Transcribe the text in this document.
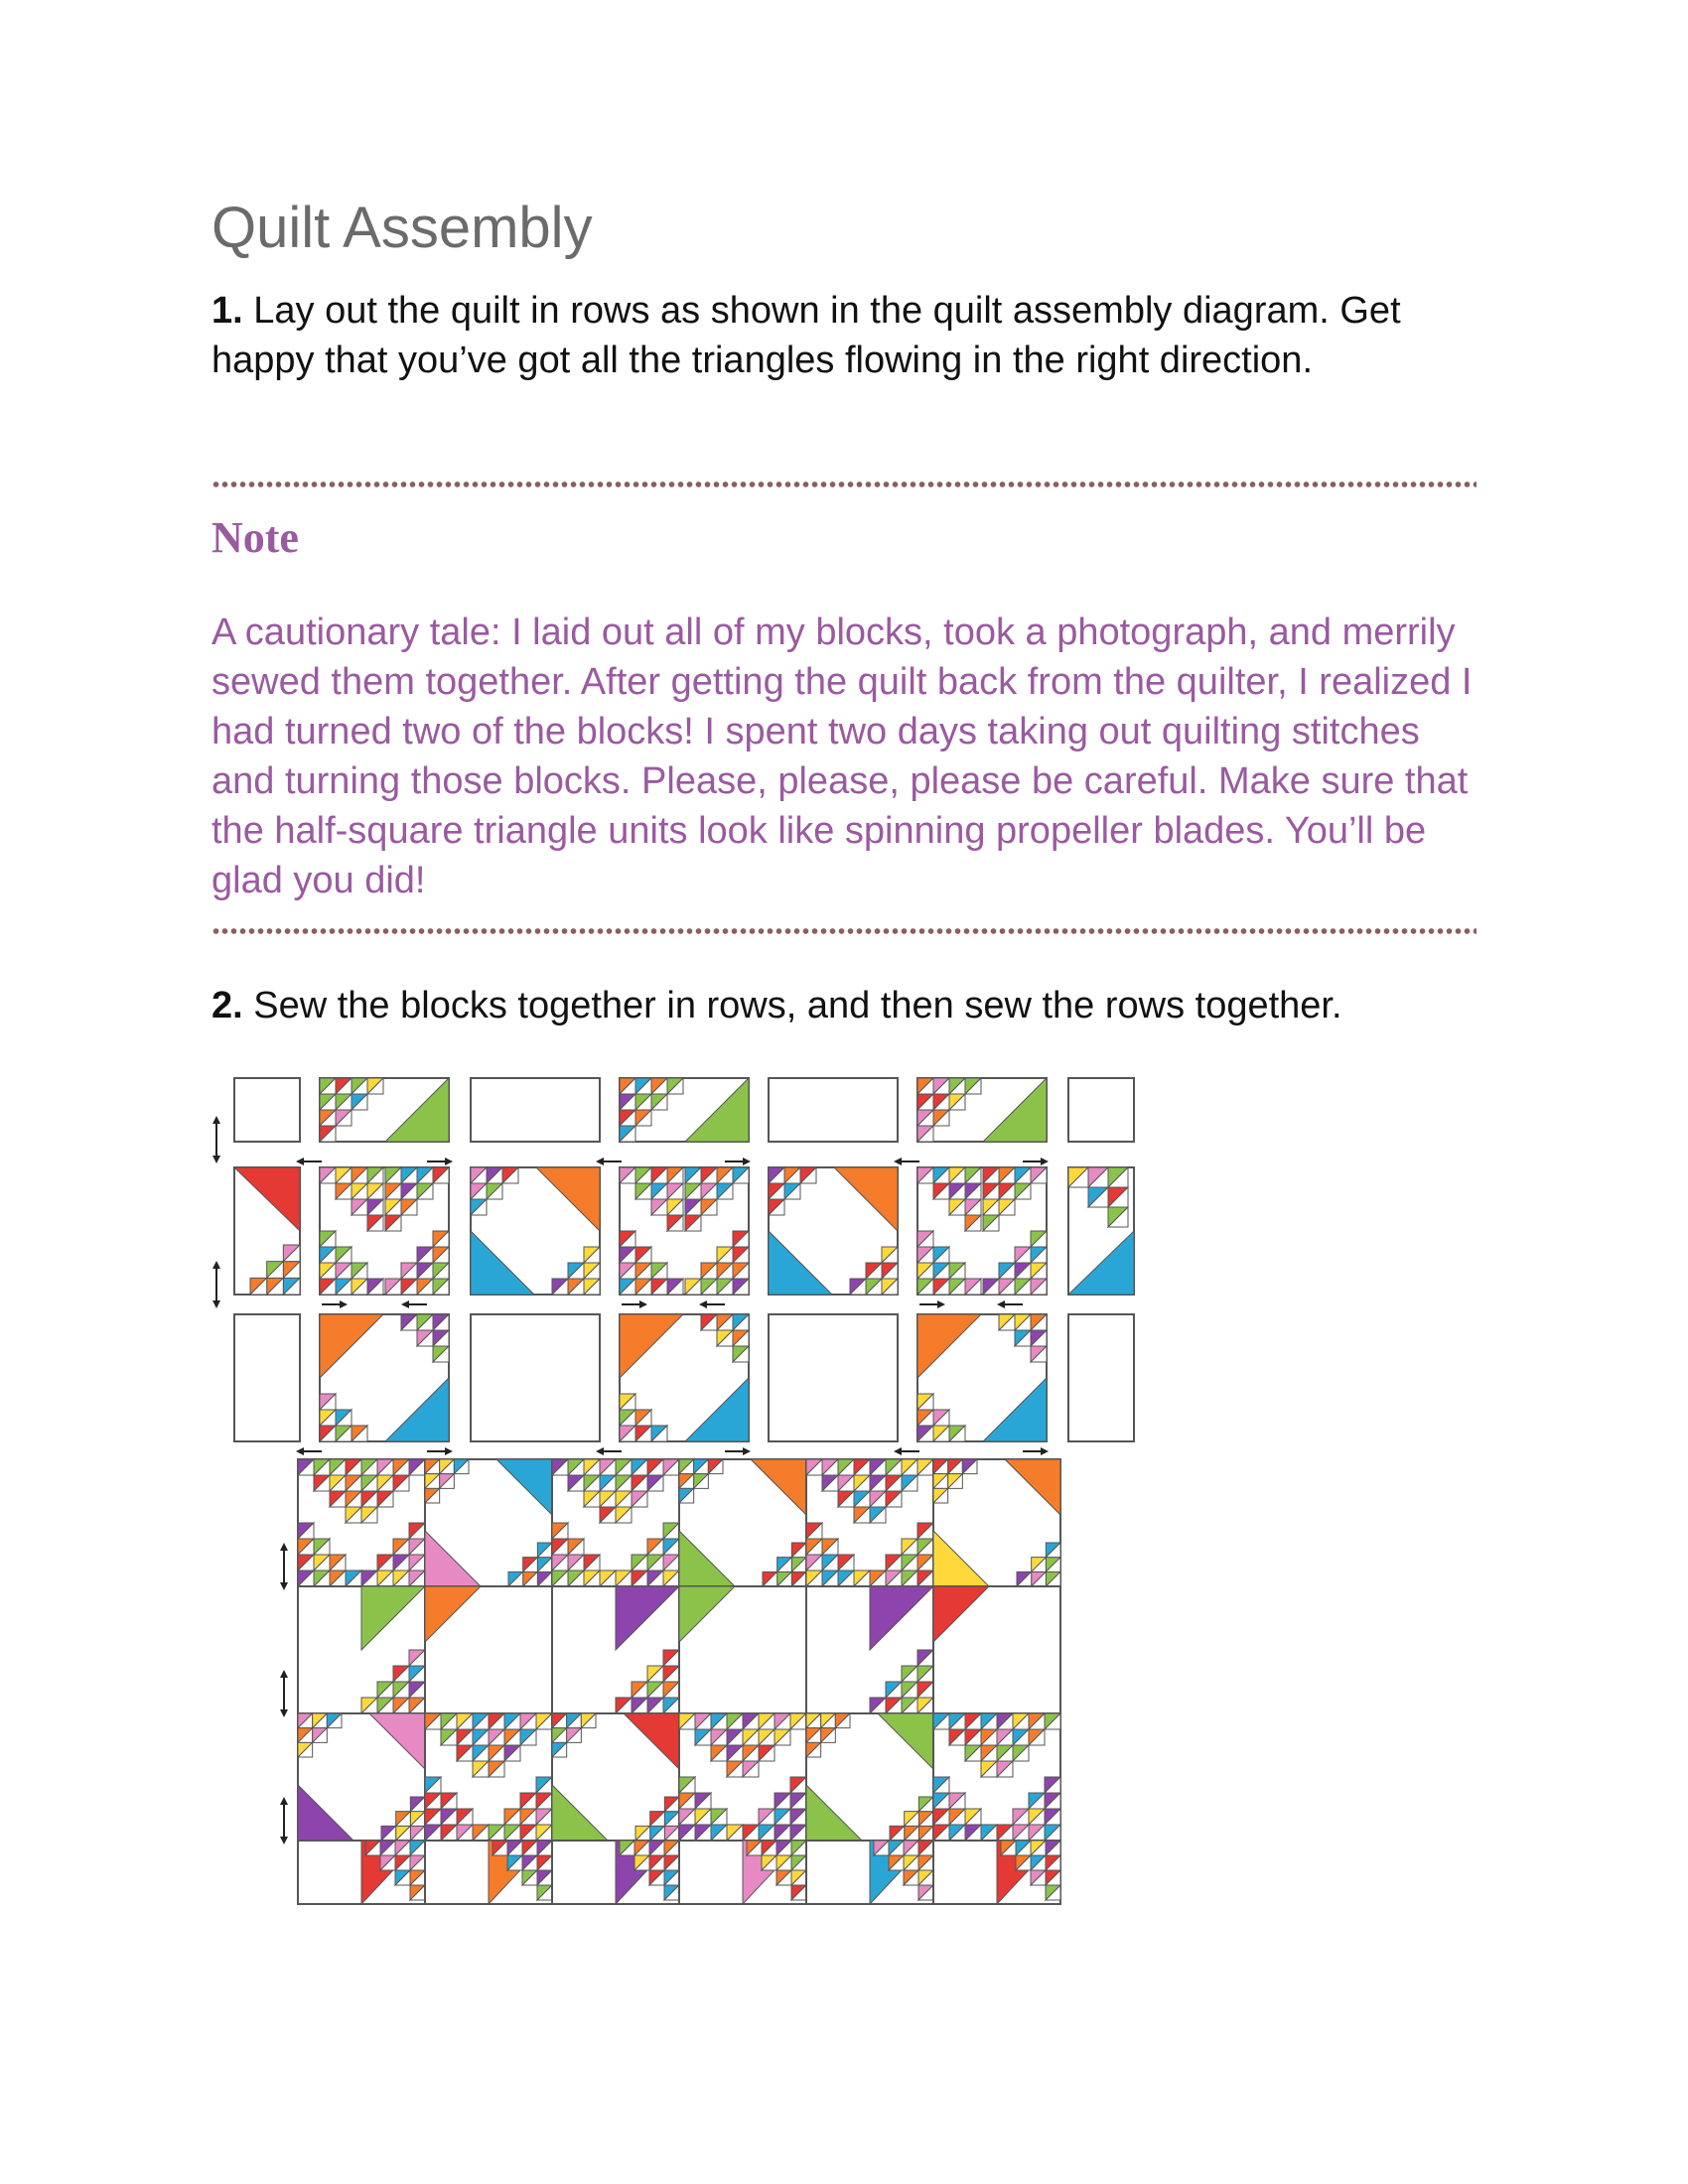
Quilt Assembly

1. Lay out the quilt in rows as shown in the quilt assembly diagram. Get happy that you’ve got all the triangles flowing in the right direction.

Note

A cautionary tale: I laid out all of my blocks, took a photograph, and merrily sewed them together. After getting the quilt back from the quilter, I realized I had turned two of the blocks! I spent two days taking out quilting stitches and turning those blocks. Please, please, please be careful. Make sure that the half-square triangle units look like spinning propeller blades. You’ll be glad you did!

2. Sew the blocks together in rows, and then sew the rows together.
